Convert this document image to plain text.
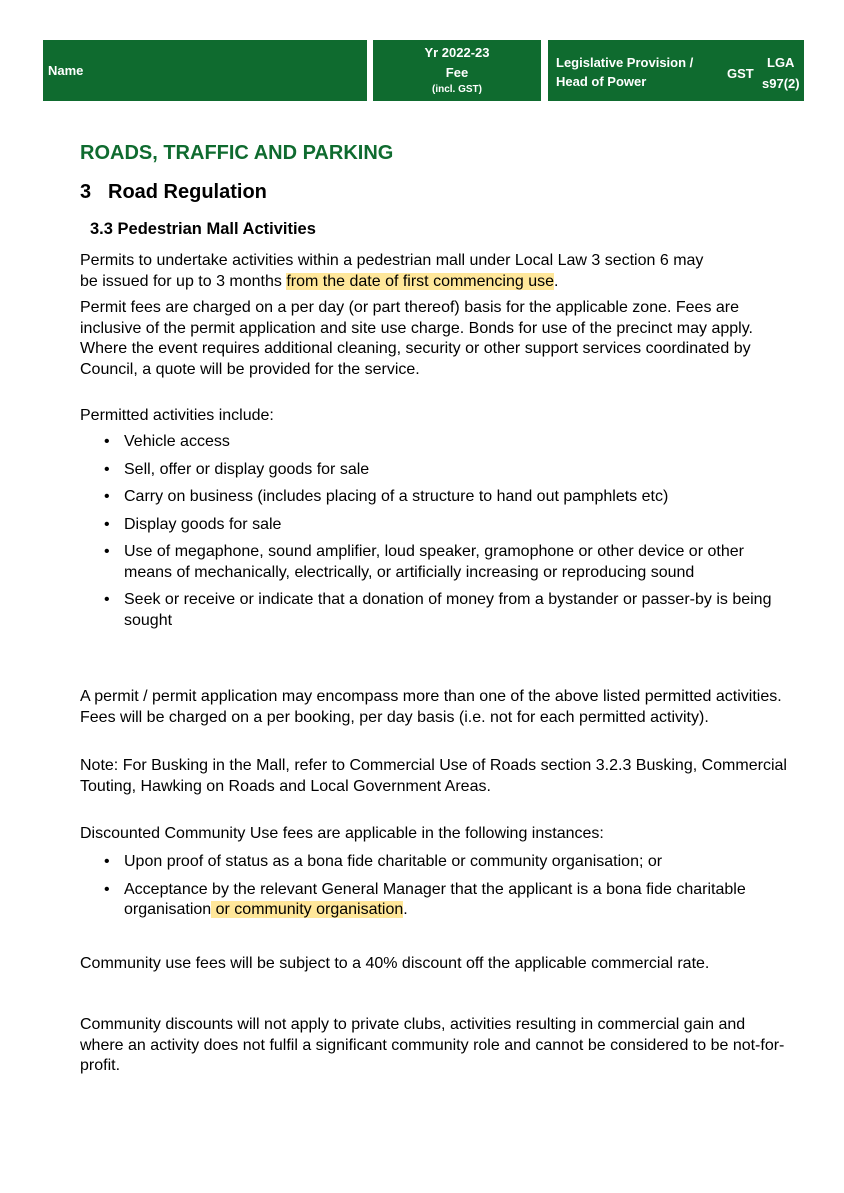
Name
Yr 2022-23
Fee
(incl. GST)
Legislative Provision /
Head of Power
GST
LGA
s97(2)
ROADS, TRAFFIC AND PARKING
3 Road Regulation
3.3 Pedestrian Mall Activities

Permits to undertake activities within a pedestrian mall under Local Law 3 section 6 may
be issued for up to 3 months from the date of first commencing use.

Permit fees are charged on a per day (or part thereof) basis for the applicable zone. Fees are inclusive of the permit application and site use charge. Bonds for use of the precinct may apply. Where the event requires additional cleaning, security or other support services coordinated by Council, a quote will be provided for the service.

Permitted activities include:

• Vehicle access
• Sell, offer or display goods for sale
• Carry on business (includes placing of a structure to hand out pamphlets etc)
• Display goods for sale
• Use of megaphone, sound amplifier, loud speaker, gramophone or other device or other means of mechanically, electrically, or artificially increasing or reproducing sound
• Seek or receive or indicate that a donation of money from a bystander or passer-by is being sought

A permit / permit application may encompass more than one of the above listed permitted activities. Fees will be charged on a per booking, per day basis (i.e. not for each permitted activity).

Note: For Busking in the Mall, refer to Commercial Use of Roads section 3.2.3 Busking, Commercial Touting, Hawking on Roads and Local Government Areas.

Discounted Community Use fees are applicable in the following instances:

• Upon proof of status as a bona fide charitable or community organisation; or
• Acceptance by the relevant General Manager that the applicant is a bona fide charitable organisation or community organisation.

Community use fees will be subject to a 40% discount off the applicable commercial rate.

Community discounts will not apply to private clubs, activities resulting in commercial gain and where an activity does not fulfil a significant community role and cannot be considered to be not-for-profit.
